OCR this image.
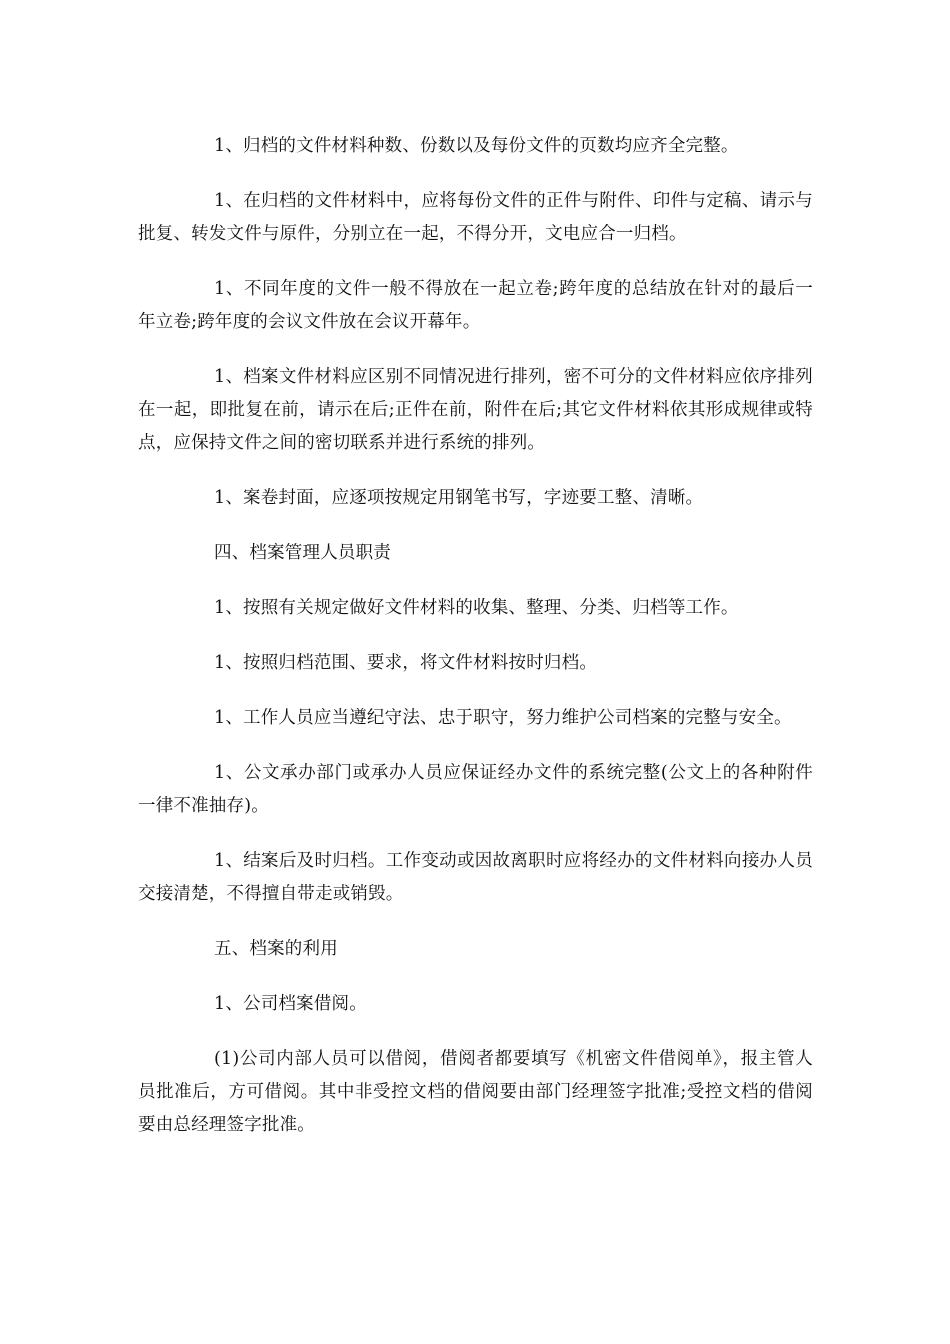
1、归档的文件材料种数、份数以及每份文件的页数均应齐全完整。

1、在归档的文件材料中，应将每份文件的正件与附件、印件与定稿、请示与批复、转发文件与原件，分别立在一起，不得分开，文电应合一归档。

1、不同年度的文件一般不得放在一起立卷;跨年度的总结放在针对的最后一年立卷;跨年度的会议文件放在会议开幕年。

1、档案文件材料应区别不同情况进行排列，密不可分的文件材料应依序排列在一起，即批复在前，请示在后;正件在前，附件在后;其它文件材料依其形成规律或特点，应保持文件之间的密切联系并进行系统的排列。

1、案卷封面，应逐项按规定用钢笔书写，字迹要工整、清晰。

四、档案管理人员职责

1、按照有关规定做好文件材料的收集、整理、分类、归档等工作。

1、按照归档范围、要求，将文件材料按时归档。

1、工作人员应当遵纪守法、忠于职守，努力维护公司档案的完整与安全。

1、公文承办部门或承办人员应保证经办文件的系统完整(公文上的各种附件一律不准抽存)。

1、结案后及时归档。工作变动或因故离职时应将经办的文件材料向接办人员交接清楚，不得擅自带走或销毁。

五、档案的利用

1、公司档案借阅。

(1)公司内部人员可以借阅，借阅者都要填写《机密文件借阅单》，报主管人员批准后，方可借阅。其中非受控文档的借阅要由部门经理签字批准;受控文档的借阅要由总经理签字批准。
